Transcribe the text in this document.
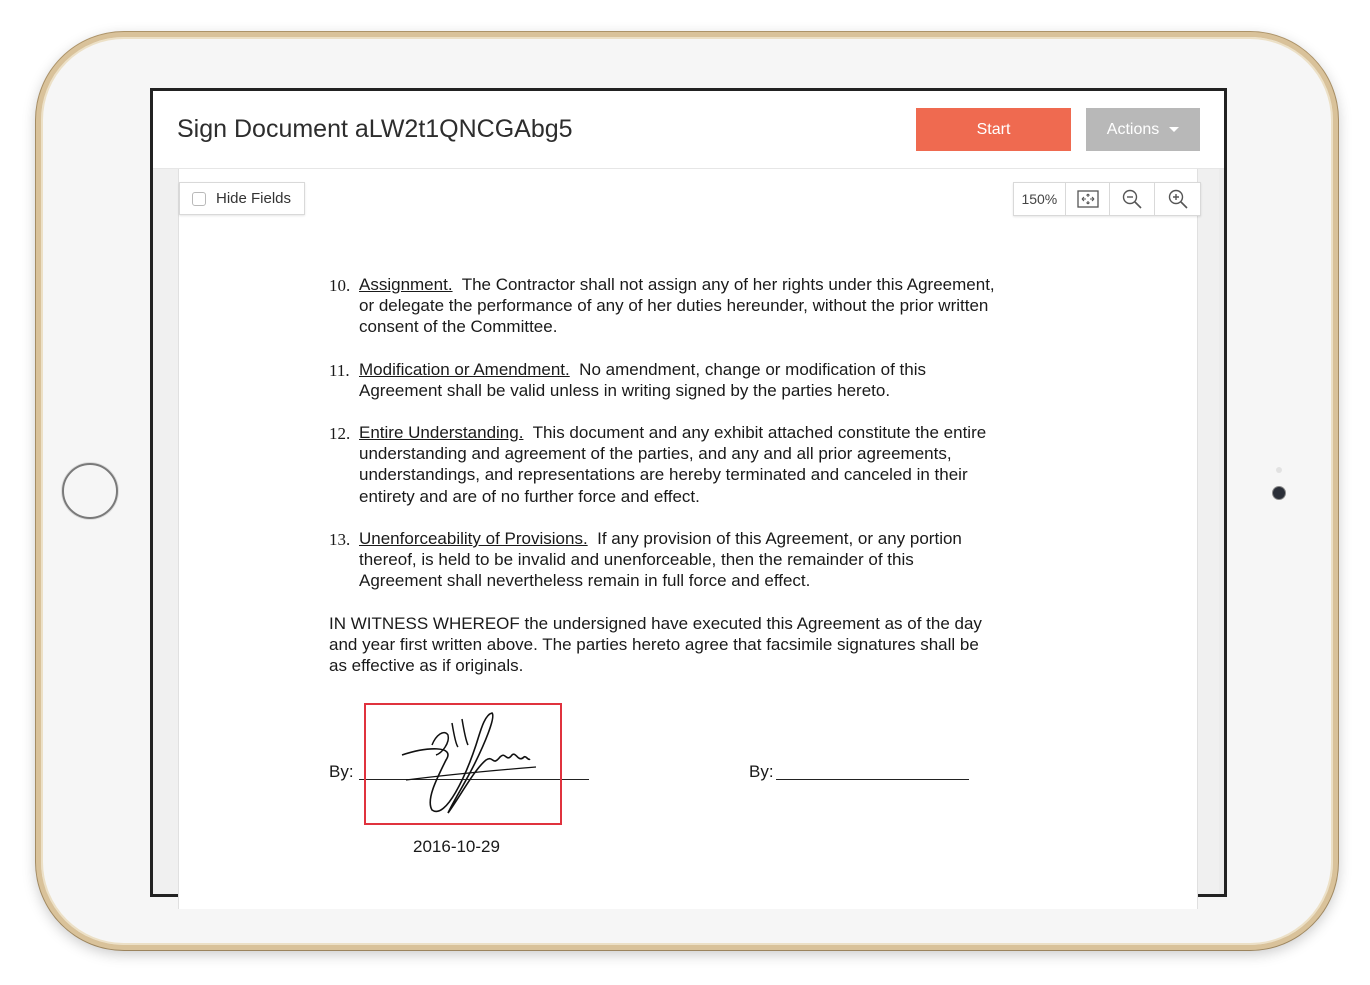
Sign Document aLW2t1QNCGAbg5	Start	Actions
10. Assignment. The Contractor shall not assign any of her rights under this Agreement,
or delegate the performance of any of her duties hereunder, without the prior written
consent of the Committee.
11. Modification or Amendment. No amendment, change or modification of this
Agreement shall be valid unless in writing signed by the parties hereto.
12. Entire Understanding. This document and any exhibit attached constitute the entire
understanding and agreement of the parties, and any and all prior agreements,
understandings, and representations are hereby terminated and canceled in their
entirety and are of no further force and effect.
13. Unenforceability of Provisions. If any provision of this Agreement, or any portion
thereof, is held to be invalid and unenforceable, then the remainder of this
Agreement shall nevertheless remain in full force and effect.
IN WITNESS WHEREOF the undersigned have executed this Agreement as of the day
and year first written above. The parties hereto agree that facsimile signatures shall be
as effective as if originals.
By:
2016-10-29
By:
Hide Fields	150%
